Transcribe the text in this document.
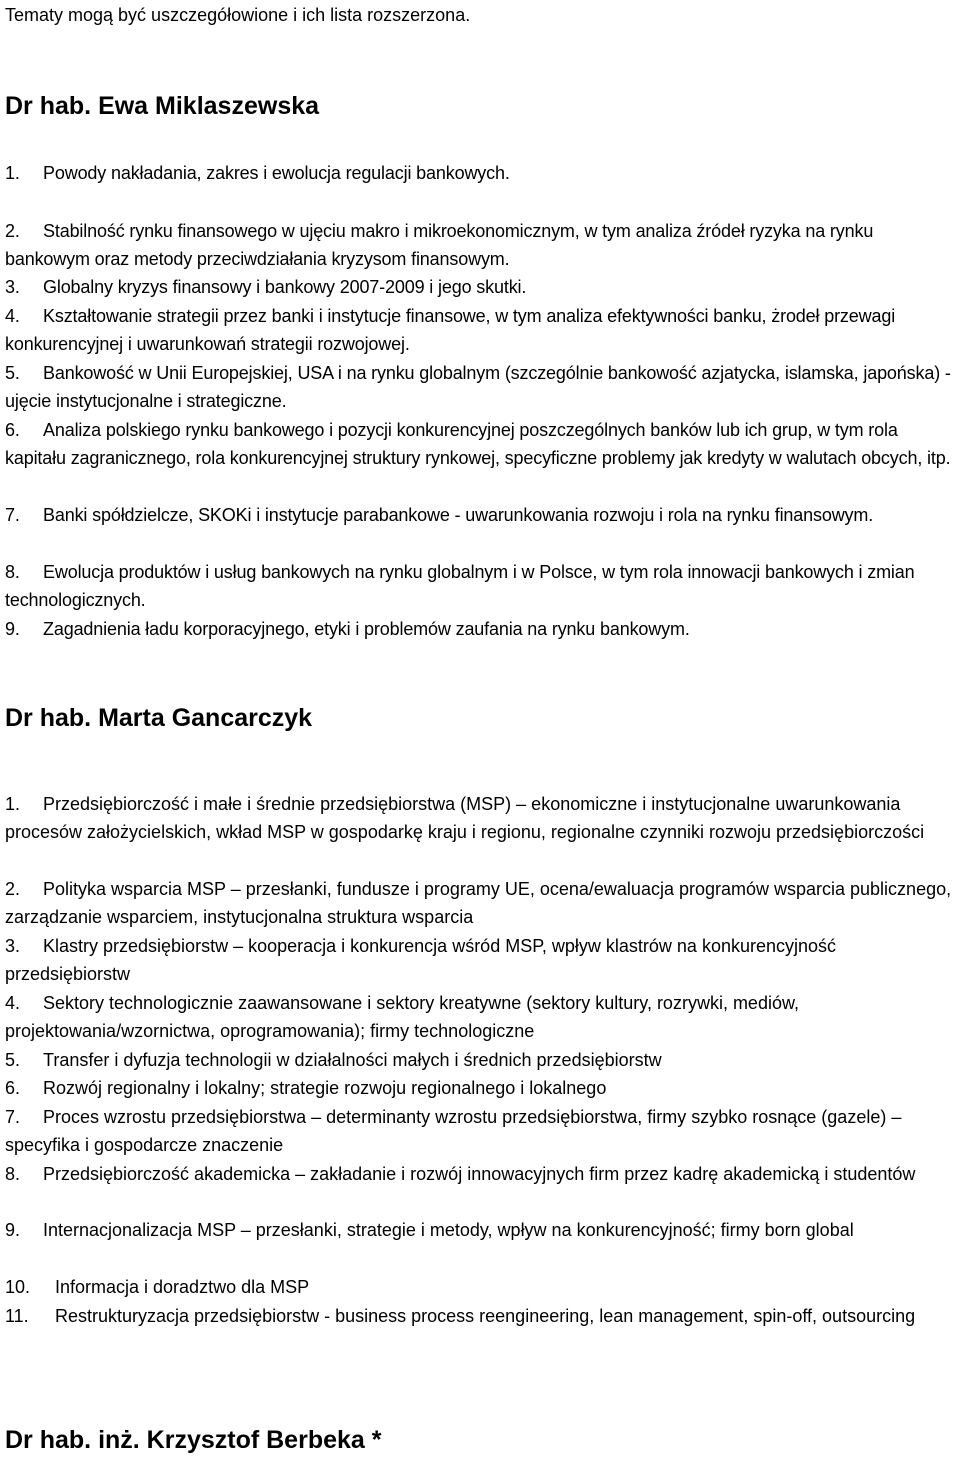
Tematy mogą być uszczegółowione i ich lista rozszerzona.
Dr hab. Ewa Miklaszewska
1. Powody nakładania, zakres i ewolucja regulacji bankowych.
2. Stabilność rynku finansowego w ujęciu makro i mikroekonomicznym, w tym analiza źródeł ryzyka na rynku bankowym oraz metody przeciwdziałania kryzysom finansowym.
3. Globalny kryzys finansowy i bankowy 2007-2009 i jego skutki.
4. Kształtowanie strategii przez banki i instytucje finansowe, w tym analiza efektywności banku, żrodeł przewagi konkurencyjnej i uwarunkowań strategii rozwojowej.
5. Bankowość w Unii Europejskiej, USA i na rynku globalnym (szczególnie bankowość azjatycka, islamska, japońska) - ujęcie instytucjonalne i strategiczne.
6. Analiza polskiego rynku bankowego i pozycji konkurencyjnej poszczególnych banków lub ich grup, w tym rola kapitału zagranicznego, rola konkurencyjnej struktury rynkowej, specyficzne problemy jak kredyty w walutach obcych, itp.
7. Banki spółdzielcze, SKOKi i instytucje parabankowe - uwarunkowania rozwoju i rola na rynku finansowym.
8. Ewolucja produktów i usług bankowych na rynku globalnym i w Polsce, w tym rola innowacji bankowych i zmian technologicznych.
9. Zagadnienia ładu korporacyjnego, etyki i problemów zaufania na rynku bankowym.
Dr hab. Marta Gancarczyk
1. Przedsiębiorczość i małe i średnie przedsiębiorstwa (MSP) – ekonomiczne i instytucjonalne uwarunkowania procesów założycielskich, wkład MSP w gospodarkę kraju i regionu, regionalne czynniki rozwoju przedsiębiorczości
2. Polityka wsparcia MSP – przesłanki, fundusze i programy UE, ocena/ewaluacja programów wsparcia publicznego, zarządzanie wsparciem, instytucjonalna struktura wsparcia
3. Klastry przedsiębiorstw – kooperacja i konkurencja wśród MSP, wpływ klastrów na konkurencyjność przedsiębiorstw
4. Sektory technologicznie zaawansowane i sektory kreatywne (sektory kultury, rozrywki, mediów, projektowania/wzornictwa, oprogramowania); firmy technologiczne
5. Transfer i dyfuzja technologii w działalności małych i średnich przedsiębiorstw
6. Rozwój regionalny i lokalny; strategie rozwoju regionalnego i lokalnego
7. Proces wzrostu przedsiębiorstwa – determinanty wzrostu przedsiębiorstwa, firmy szybko rosnące (gazele) – specyfika i gospodarcze znaczenie
8. Przedsiębiorczość akademicka – zakładanie i rozwój innowacyjnych firm przez kadrę akademicką i studentów
9. Internacjonalizacja MSP – przesłanki, strategie i metody, wpływ na konkurencyjność; firmy born global
10. Informacja i doradztwo dla MSP
11. Restrukturyzacja przedsiębiorstw - business process reengineering, lean management, spin-off, outsourcing
Dr hab. inż. Krzysztof Berbeka *
